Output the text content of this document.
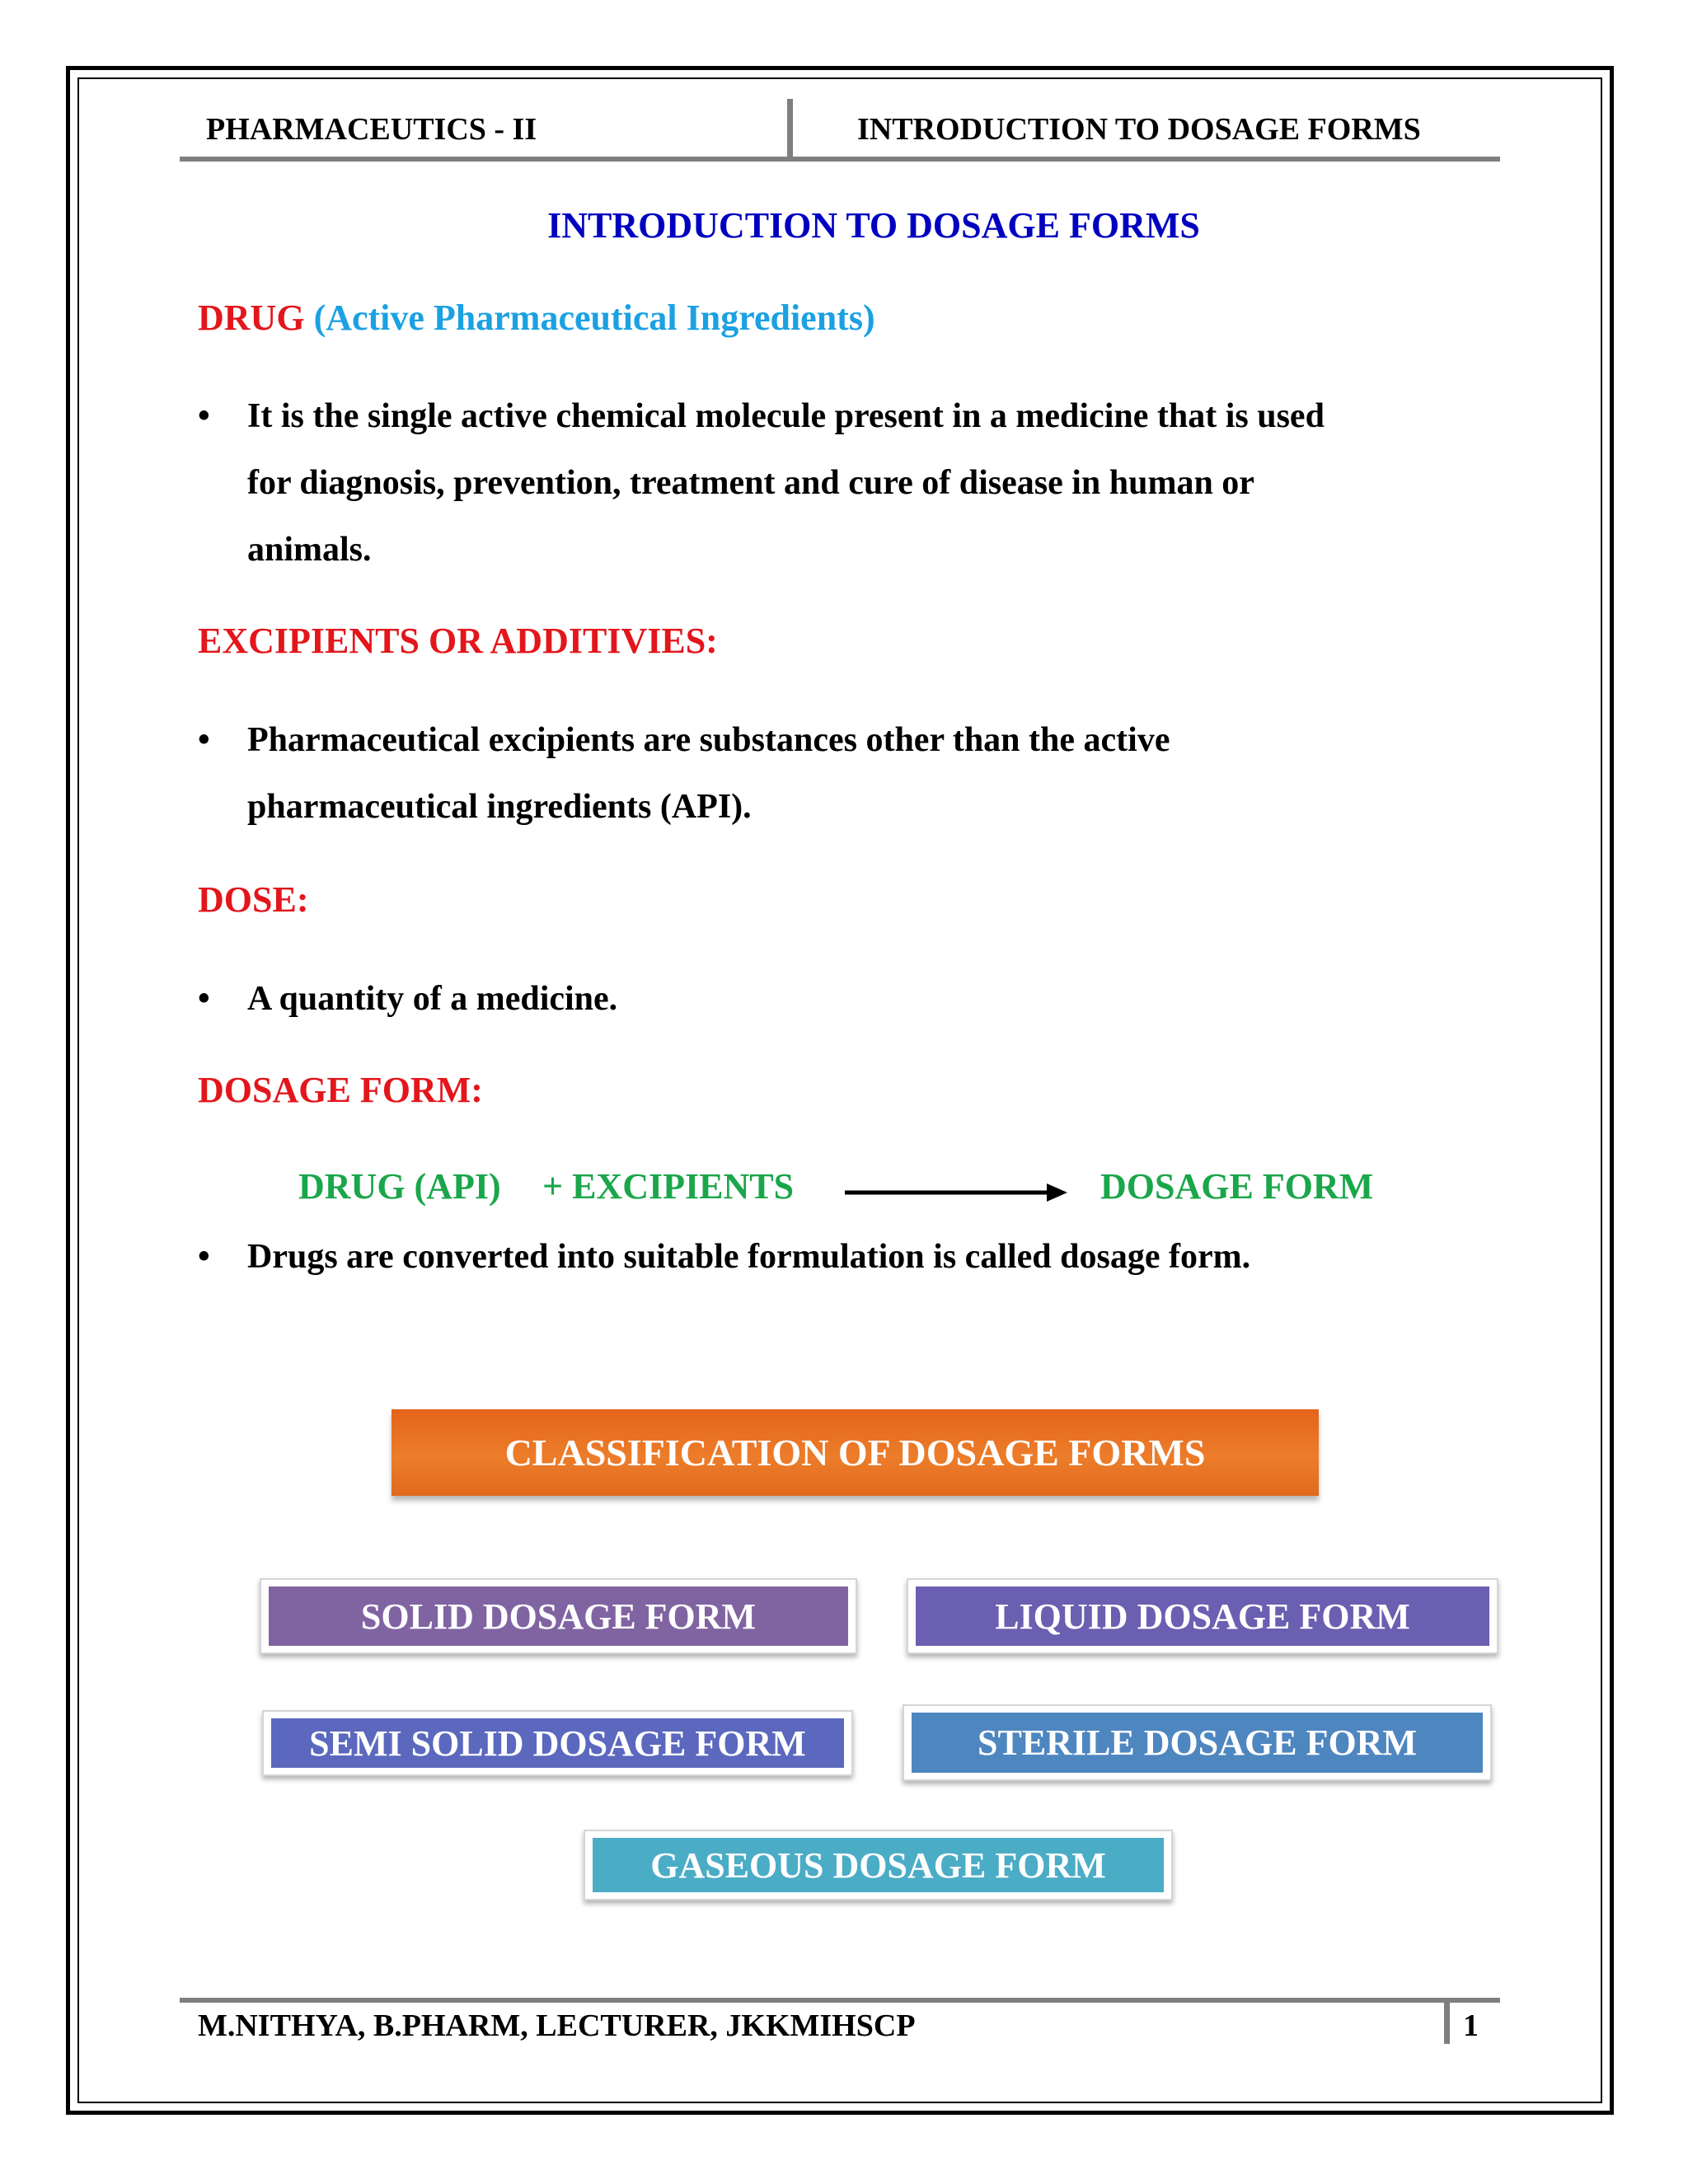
PHARMACEUTICS - II	INTRODUCTION TO DOSAGE FORMS
INTRODUCTION TO DOSAGE FORMS
DRUG (Active Pharmaceutical Ingredients)
•	It is the single active chemical molecule present in a medicine that is used
for diagnosis, prevention, treatment and cure of disease in human or
animals.
EXCIPIENTS OR ADDITIVIES:
•	Pharmaceutical excipients are substances other than the active
pharmaceutical ingredients (API).
DOSE:
•	A quantity of a medicine.
DOSAGE FORM:
DRUG (API) + EXCIPIENTS	DOSAGE FORM
•	Drugs are converted into suitable formulation is called dosage form.
CLASSIFICATION OF DOSAGE FORMS
SOLID DOSAGE FORM	LIQUID DOSAGE FORM
SEMI SOLID DOSAGE FORM	STERILE DOSAGE FORM
GASEOUS DOSAGE FORM
M.NITHYA, B.PHARM, LECTURER, JKKMIHSCP	1
